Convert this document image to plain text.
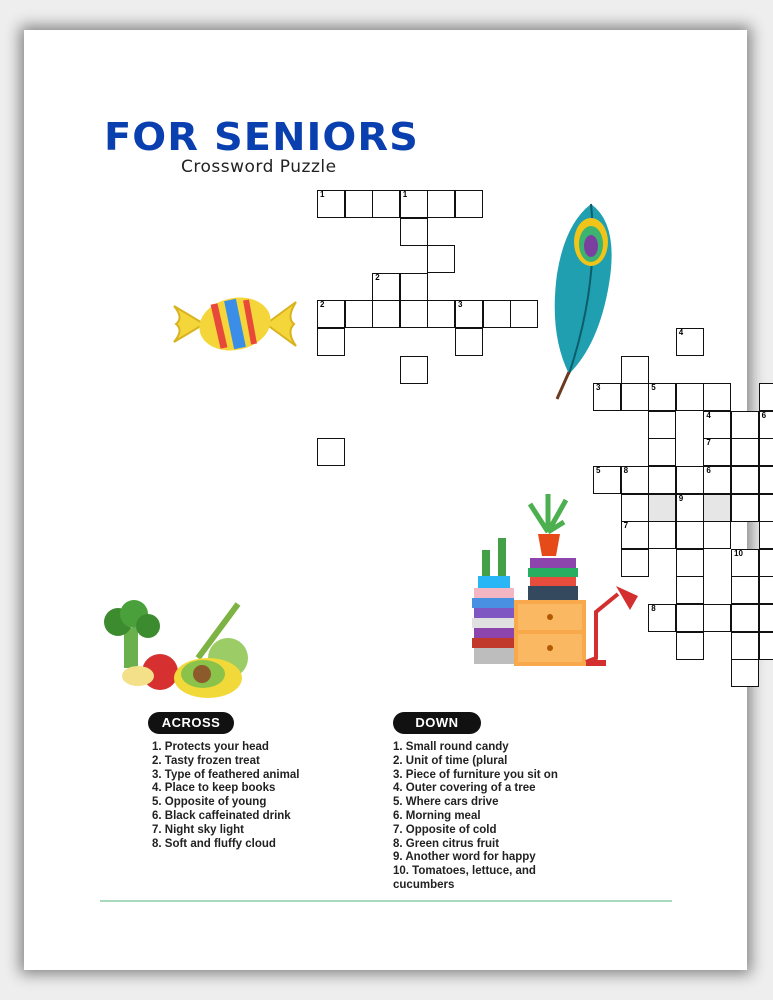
FOR SENIORS
Crossword Puzzle
1	1
2
2	3
4
3	5
4	6
7
5	8	6
9
7
10
8
ACROSS	DOWN
1. Protects your head
2. Tasty frozen treat
3. Type of feathered animal
4. Place to keep books
5. Opposite of young
6. Black caffeinated drink
7. Night sky light
8. Soft and fluffy cloud
1. Small round candy
2. Unit of time (plural
3. Piece of furniture you sit on
4. Outer covering of a tree
5. Where cars drive
6. Morning meal
7. Opposite of cold
8. Green citrus fruit
9. Another word for happy
10. Tomatoes, lettuce, and cucumbers
